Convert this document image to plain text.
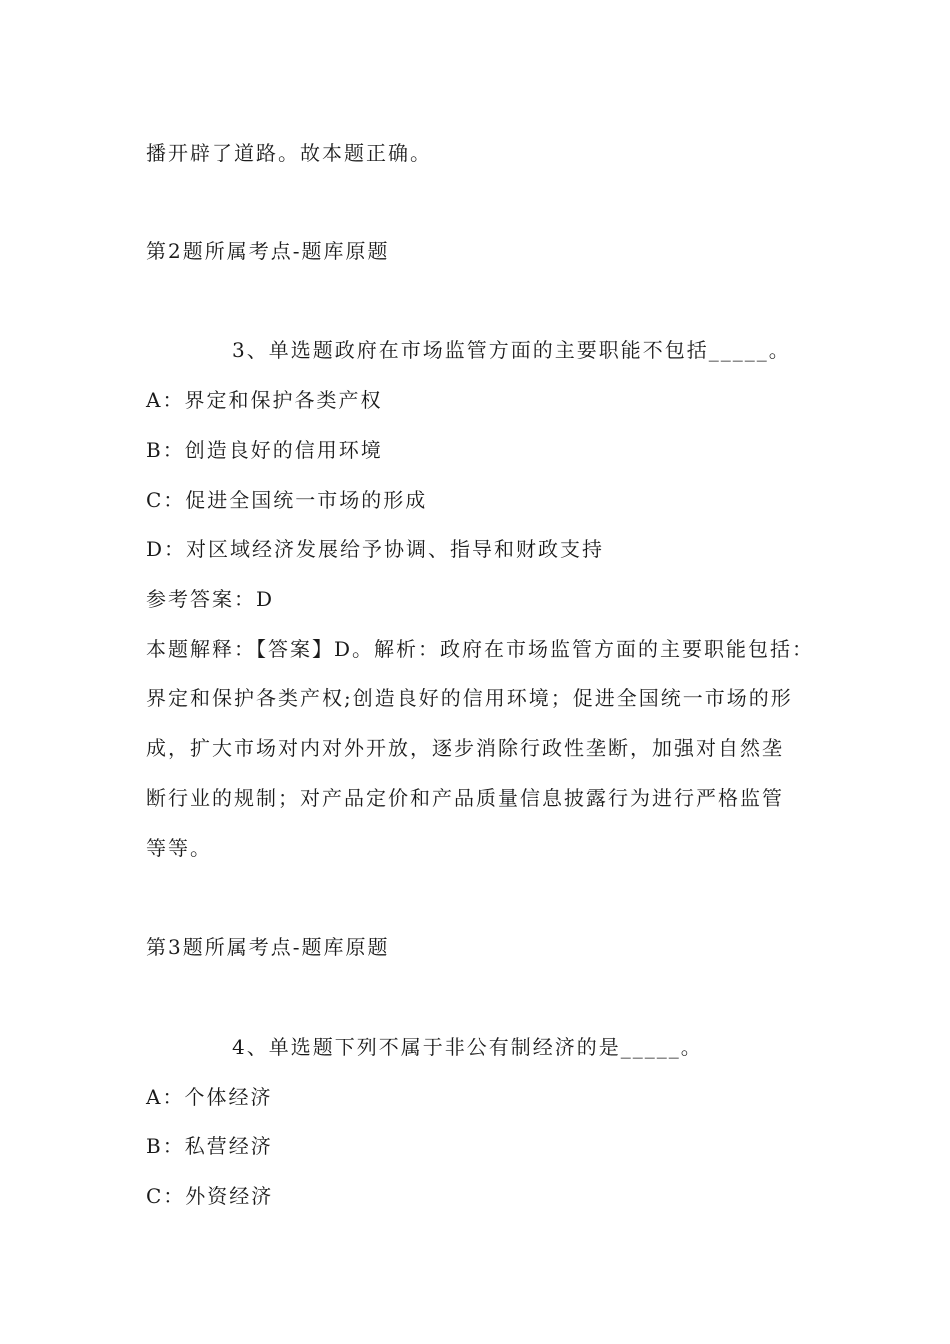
播开辟了道路。故本题正确。
第2题所属考点-题库原题
3、单选题政府在市场监管方面的主要职能不包括_____。
A：界定和保护各类产权
B：创造良好的信用环境
C：促进全国统一市场的形成
D：对区域经济发展给予协调、指导和财政支持
参考答案：D
本题解释：【答案】D。解析：政府在市场监管方面的主要职能包括：
界定和保护各类产权;创造良好的信用环境；促进全国统一市场的形
成，扩大市场对内对外开放，逐步消除行政性垄断，加强对自然垄
断行业的规制；对产品定价和产品质量信息披露行为进行严格监管
等等。
第3题所属考点-题库原题
4、单选题下列不属于非公有制经济的是_____。
A：个体经济
B：私营经济
C：外资经济
